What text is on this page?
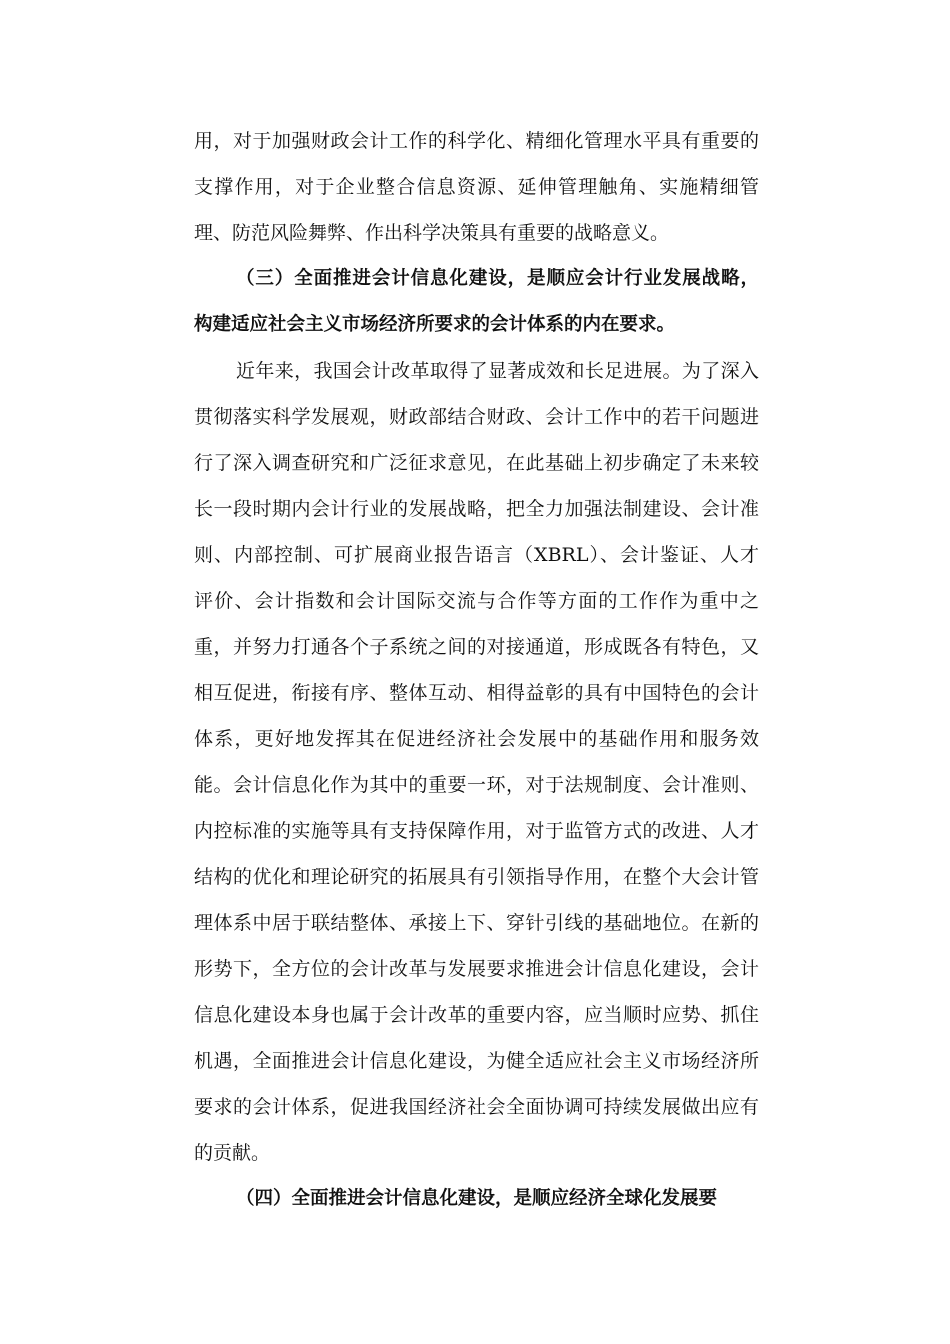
用，对于加强财政会计工作的科学化、精细化管理水平具有重要的
支撑作用，对于企业整合信息资源、延伸管理触角、实施精细管
理、防范风险舞弊、作出科学决策具有重要的战略意义。
（三）全面推进会计信息化建设，是顺应会计行业发展战略，
构建适应社会主义市场经济所要求的会计体系的内在要求。
近年来，我国会计改革取得了显著成效和长足进展。为了深入
贯彻落实科学发展观，财政部结合财政、会计工作中的若干问题进
行了深入调查研究和广泛征求意见，在此基础上初步确定了未来较
长一段时期内会计行业的发展战略，把全力加强法制建设、会计准
则、内部控制、可扩展商业报告语言（XBRL）、会计鉴证、人才
评价、会计指数和会计国际交流与合作等方面的工作作为重中之
重，并努力打通各个子系统之间的对接通道，形成既各有特色，又
相互促进，衔接有序、整体互动、相得益彰的具有中国特色的会计
体系，更好地发挥其在促进经济社会发展中的基础作用和服务效
能。会计信息化作为其中的重要一环，对于法规制度、会计准则、
内控标准的实施等具有支持保障作用，对于监管方式的改进、人才
结构的优化和理论研究的拓展具有引领指导作用，在整个大会计管
理体系中居于联结整体、承接上下、穿针引线的基础地位。在新的
形势下，全方位的会计改革与发展要求推进会计信息化建设，会计
信息化建设本身也属于会计改革的重要内容，应当顺时应势、抓住
机遇，全面推进会计信息化建设，为健全适应社会主义市场经济所
要求的会计体系，促进我国经济社会全面协调可持续发展做出应有
的贡献。
（四）全面推进会计信息化建设，是顺应经济全球化发展要
